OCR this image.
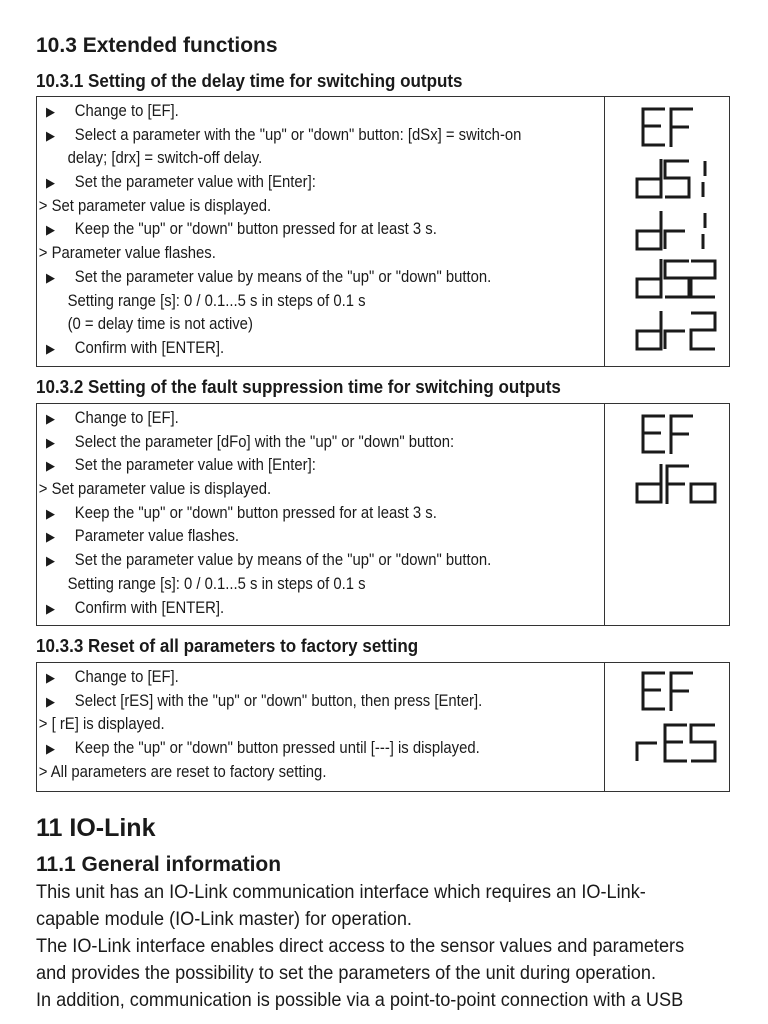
10.3 Extended functions
10.3.1 Setting of the delay time for switching outputs
▶ Change to [EF].
▶ Select a parameter with the "up" or "down" button: [dSx] = switch-on
delay; [drx] = switch-off delay.
▶ Set the parameter value with [Enter]:
> Set parameter value is displayed.
▶ Keep the "up" or "down" button pressed for at least 3 s.
> Parameter value flashes.
▶ Set the parameter value by means of the "up" or "down" button.
Setting range [s]: 0 / 0.1...5 s in steps of 0.1 s
(0 = delay time is not active)
▶ Confirm with [ENTER].
10.3.2 Setting of the fault suppression time for switching outputs
▶ Change to [EF].
▶ Select the parameter [dFo] with the "up" or "down" button:
▶ Set the parameter value with [Enter]:
> Set parameter value is displayed.
▶ Keep the "up" or "down" button pressed for at least 3 s.
▶ Parameter value flashes.
▶ Set the parameter value by means of the "up" or "down" button.
Setting range [s]: 0 / 0.1...5 s in steps of 0.1 s
▶ Confirm with [ENTER].
10.3.3 Reset of all parameters to factory setting
▶ Change to [EF].
▶ Select [rES] with the "up" or "down" button, then press [Enter].
> [ rE] is displayed.
▶ Keep the "up" or "down" button pressed until [---] is displayed.
> All parameters are reset to factory setting.
11 IO-Link
11.1 General information
This unit has an IO-Link communication interface which requires an IO-Link-
capable module (IO-Link master) for operation.
The IO-Link interface enables direct access to the sensor values and parameters
and provides the possibility to set the parameters of the unit during operation.
In addition, communication is possible via a point-to-point connection with a USB
